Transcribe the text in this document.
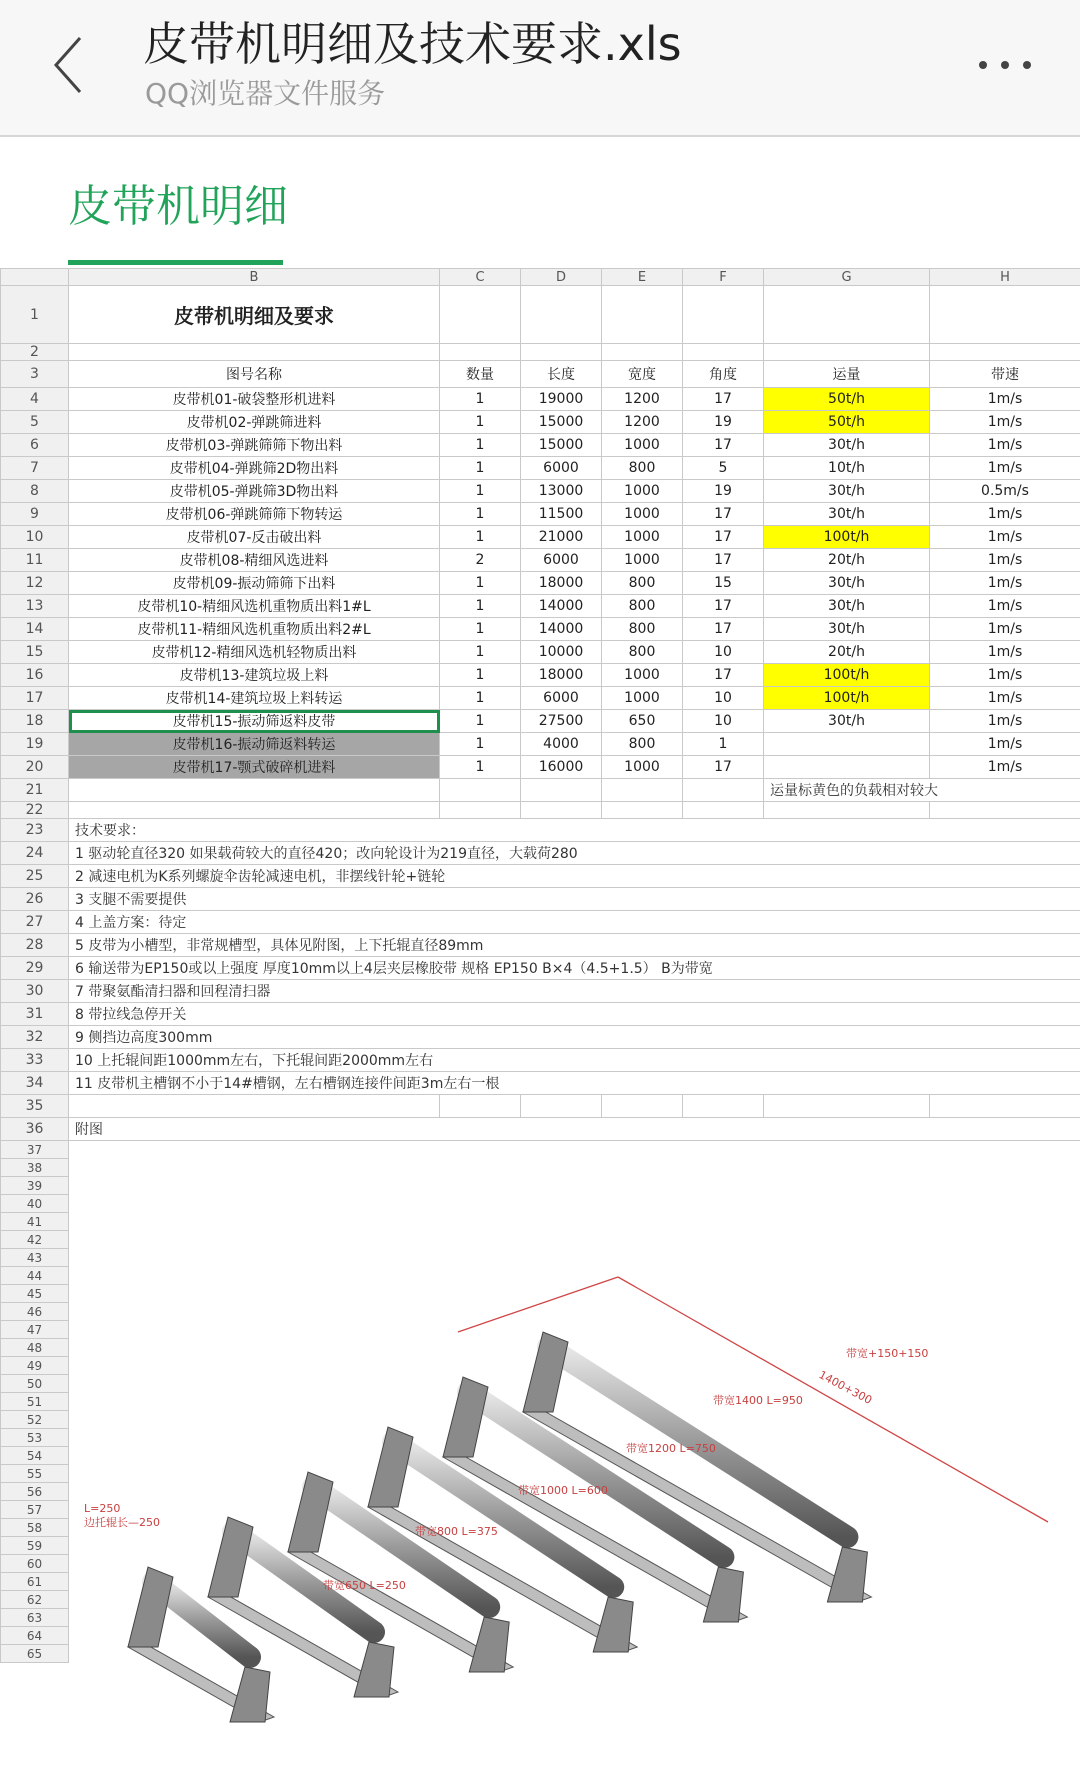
皮带机明细及技术要求.xls
QQ浏览器文件服务
皮带机明细
	B	C	D	E	F	G	H
1	皮带机明细及要求						
2							
3	图号名称	数量	长度	宽度	角度	运量	带速
4	皮带机01-破袋整形机进料	1	19000	1200	17	50t/h	1m/s
5	皮带机02-弹跳筛进料	1	15000	1200	19	50t/h	1m/s
6	皮带机03-弹跳筛筛下物出料	1	15000	1000	17	30t/h	1m/s
7	皮带机04-弹跳筛2D物出料	1	6000	800	5	10t/h	1m/s
8	皮带机05-弹跳筛3D物出料	1	13000	1000	19	30t/h	0.5m/s
9	皮带机06-弹跳筛筛下物转运	1	11500	1000	17	30t/h	1m/s
10	皮带机07-反击破出料	1	21000	1000	17	100t/h	1m/s
11	皮带机08-精细风选进料	2	6000	1000	17	20t/h	1m/s
12	皮带机09-振动筛筛下出料	1	18000	800	15	30t/h	1m/s
13	皮带机10-精细风选机重物质出料1#L	1	14000	800	17	30t/h	1m/s
14	皮带机11-精细风选机重物质出料2#L	1	14000	800	17	30t/h	1m/s
15	皮带机12-精细风选机轻物质出料	1	10000	800	10	20t/h	1m/s
16	皮带机13-建筑垃圾上料	1	18000	1000	17	100t/h	1m/s
17	皮带机14-建筑垃圾上料转运	1	6000	1000	10	100t/h	1m/s
18	皮带机15-振动筛返料皮带	1	27500	650	10	30t/h	1m/s
19	皮带机16-振动筛返料转运	1	4000	800	1		1m/s
20	皮带机17-颚式破碎机进料	1	16000	1000	17		1m/s
21						运量标黄色的负载相对较大	
22							
23	技术要求：						
24	1 驱动轮直径320 如果载荷较大的直径420；改向轮设计为219直径，大载荷280						
25	2 减速电机为K系列螺旋伞齿轮减速电机，非摆线针轮+链轮						
26	3 支腿不需要提供						
27	4 上盖方案：待定						
28	5 皮带为小槽型，非常规槽型，具体见附图，上下托辊直径89mm						
29	6 输送带为EP150或以上强度 厚度10mm以上4层夹层橡胶带 规格 EP150 B×4（4.5+1.5） B为带宽						
30	7 带聚氨酯清扫器和回程清扫器						
31	8 带拉线急停开关						
32	9 侧挡边高度300mm						
33	10 上托辊间距1000mm左右，下托辊间距2000mm左右						
34	11 皮带机主槽钢不小于14#槽钢，左右槽钢连接件间距3m左右一根						
35							
36	附图						
37							
38							
39							
40							
41							
42							
43							
44							
45							
46							
47							
48							
49							
50							
51							
52							
53							
54							
55							
56							
57							
58							
59							
60							
61							
62							
63							
64							
65							
L=250
边托辊长—250
带宽650 L=250
带宽800 L=375
带宽1000 L=600
带宽1200 L=750
带宽1400 L=950
带宽+150+150
1400+300
